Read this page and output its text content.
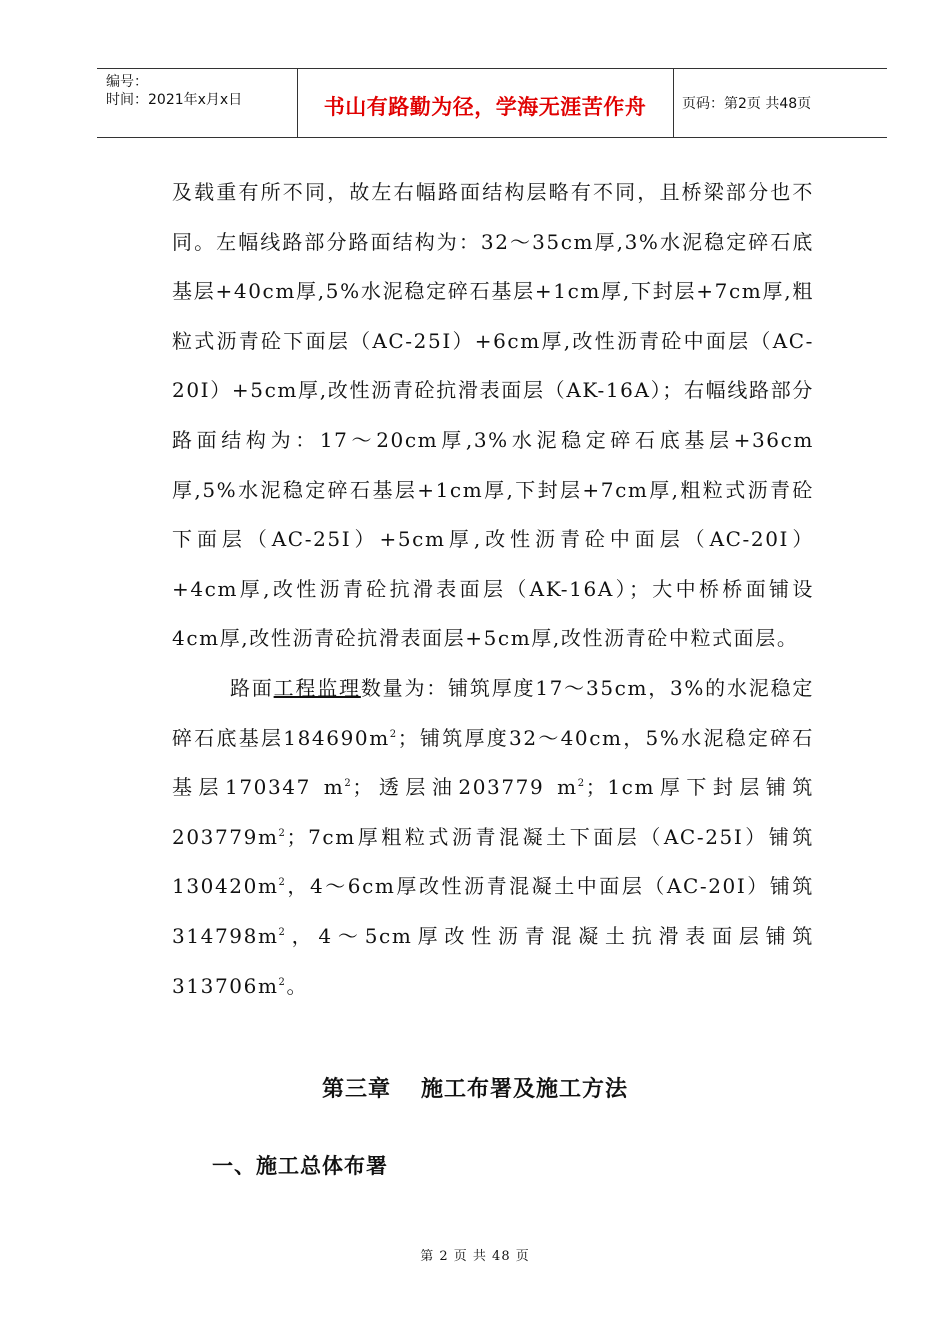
编号：
时间：2021年x月x日	书山有路勤为径，学海无涯苦作舟	页码：第2页 共48页

及载重有所不同，故左右幅路面结构层略有不同，且桥梁部分也不同。左幅线路部分路面结构为：32～35cm厚,3%水泥稳定碎石底基层+40cm厚,5%水泥稳定碎石基层+1cm厚,下封层+7cm厚,粗粒式沥青砼下面层（AC-25I）+6cm厚,改性沥青砼中面层（AC-20I）+5cm厚,改性沥青砼抗滑表面层（AK-16A）；右幅线路部分路面结构为：17～20cm厚,3%水泥稳定碎石底基层+36cm厚,5%水泥稳定碎石基层+1cm厚,下封层+7cm厚,粗粒式沥青砼下面层（AC-25I）+5cm厚,改性沥青砼中面层（AC-20I）+4cm厚,改性沥青砼抗滑表面层（AK-16A）；大中桥桥面铺设4cm厚,改性沥青砼抗滑表面层+5cm厚,改性沥青砼中粒式面层。

路面工程监理数量为：铺筑厚度17～35cm，3%的水泥稳定碎石底基层$184690m^2$；铺筑厚度32～40cm，5%水泥稳定碎石基层170347 $m^2$；透层油203779 $m^2$；1cm厚下封层铺筑$203779m^2$；7cm厚粗粒式沥青混凝土下面层（AC-25I）铺筑$130420m^2$，4～6cm厚改性沥青混凝土中面层（AC-20I）铺筑$314798m^2$，4～5cm厚改性沥青混凝土抗滑表面层铺筑$313706m^2$。

第三章 施工布署及施工方法
一、施工总体布署
第 2 页 共 48 页
